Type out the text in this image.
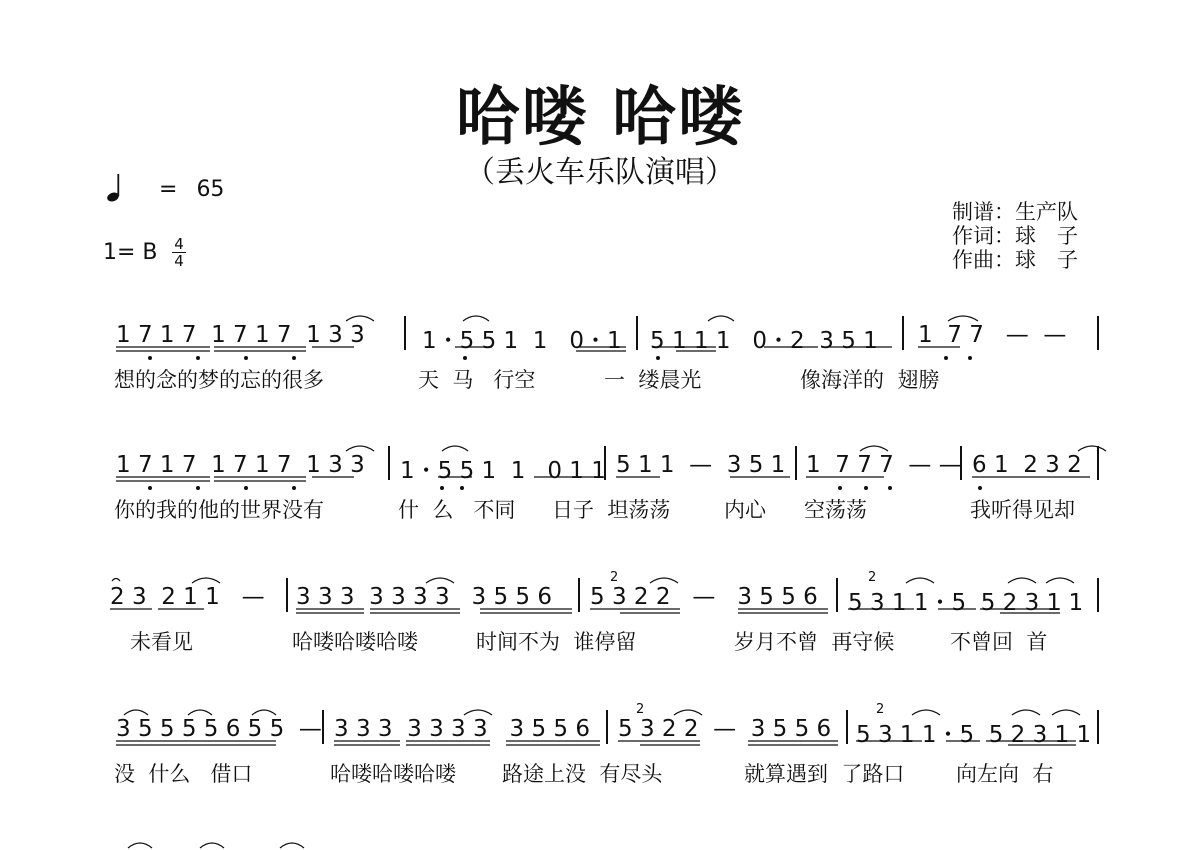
哈喽 哈喽
（丢火车乐队演唱）
= 65
1= B 4
4
制谱：生产队
作词：球　子
作曲：球　子
1 7 1 7  1 7 1 7  1 3 3 1・5 5 1  1   0・1 5 1 1 1   0・2  3 5 1 1  7 7   —  —
想的念的梦的忘的很多	天  马   行空	一  缕晨光	像海洋的  翅膀
1 7 1 7  1 7 1 7  1 3 3 1・5 5 1  1   0 1 1 5 1 1  —  3 5 1 1  7 7 7  — — 6 1  2 3 2
你的我的他的世界没有	什  么   不同 日子  坦荡荡	内心 空荡荡	我听得见却
2	2
2 3  2 1 1   — 3 3 3  3 3 3 3   3 5 5 6 5 3 2 2   —   3 5 5 6 5 3 1 1・5  5 2 3 1 1
未看见	哈喽哈喽哈喽	时间不为  谁停留	岁月不曾  再守候	不曾回  首
2	2
3 5 5 5 5 6 5 5  — 3 3 3  3 3 3 3   3 5 5 6 5 3 2 2  —  3 5 5 6 5 3 1 1・5  5 2 3 1 1
没  什么   借口	哈喽哈喽哈喽 路途上没  有尽头	就算遇到  了路口 向左向  右
